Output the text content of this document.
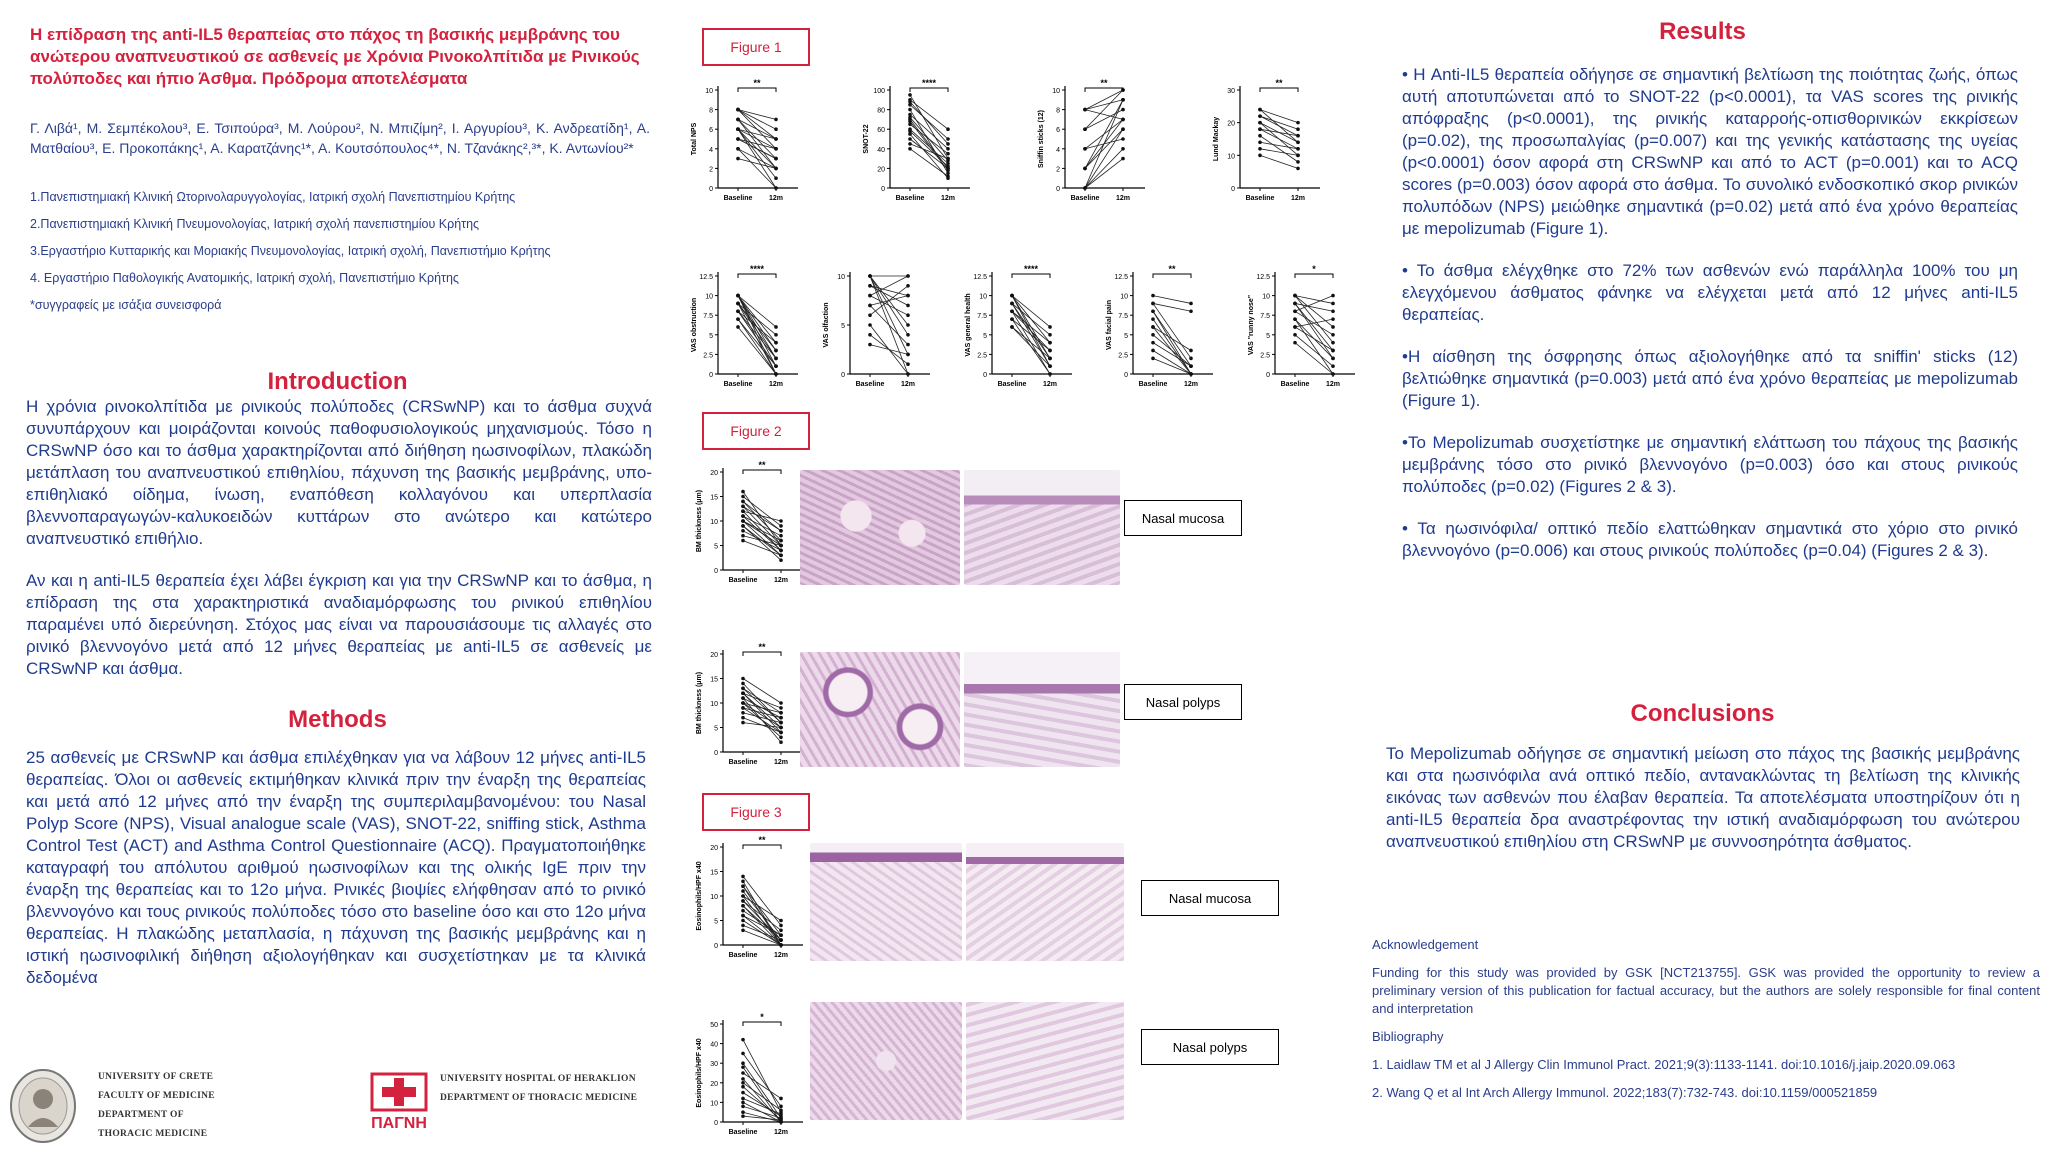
Η επίδραση της anti-IL5 θεραπείας στο πάχος τη βασικής μεμβράνης του ανώτερου αναπνευστικού σε ασθενείς με Χρόνια Ρινοκολπίτιδα με Ρινικούς πολύποδες και ήπιο Άσθμα. Πρόδρομα αποτελέσματα
Γ. Λιβά¹, Μ. Σεμπέκολου³, Ε. Τσιπούρα³, Μ. Λούρου², Ν. Μπιζίμη², Ι. Αργυρίου³, Κ. Ανδρεατίδη¹, Α. Ματθαίου³, Ε. Προκοπάκης¹, Α. Καρατζάνης¹*, Α. Κουτσόπουλος⁴*, Ν. Τζανάκης²,³*, Κ. Αντωνίου²*
1.Πανεπιστημιακή Κλινική Ωτορινολαρυγγολογίας, Ιατρική σχολή Πανεπιστημίου Κρήτης
2.Πανεπιστημιακή Κλινική Πνευμονολογίας, Ιατρική σχολή πανεπιστημίου Κρήτης
3.Εργαστήριο Κυτταρικής και Μοριακής Πνευμονολογίας, Ιατρική σχολή, Πανεπιστήμιο Κρήτης
4. Εργαστήριο Παθολογικής Ανατομικής, Ιατρική σχολή, Πανεπιστήμιο Κρήτης
*συγγραφείς με ισάξια συνεισφορά
Introduction

Η χρόνια ρινοκολπίτιδα με ρινικούς πολύποδες (CRSwNP) και το άσθμα συχνά συνυπάρχουν και μοιράζονται κοινούς παθοφυσιολογικούς μηχανισμούς. Τόσο η CRSwNP όσο και το άσθμα χαρακτηρίζονται από διήθηση ηωσινοφίλων, πλακώδη μετάπλαση του αναπνευστικού επιθηλίου, πάχυνση της βασικής μεμβράνης, υπο-επιθηλιακό οίδημα, ίνωση, εναπόθεση κολλαγόνου και υπερπλασία βλεννοπαραγωγών-καλυκοειδών κυττάρων στο ανώτερο και κατώτερο αναπνευστικό επιθήλιο.

Αν και η anti-IL5 θεραπεία έχει λάβει έγκριση και για την CRSwNP και το άσθμα, η επίδραση της στα χαρακτηριστικά αναδιαμόρφωσης του ρινικού επιθηλίου παραμένει υπό διερεύνηση. Στόχος μας είναι να παρουσιάσουμε τις αλλαγές στο ρινικό βλεννογόνο μετά από 12 μήνες θεραπείας με anti-IL5 σε ασθενείς με CRSwNP και άσθμα.

Methods

25 ασθενείς με CRSwNP και άσθμα επιλέχθηκαν για να λάβουν 12 μήνες anti-IL5 θεραπείας. Όλοι οι ασθενείς εκτιμήθηκαν κλινικά πριν την έναρξη της θεραπείας και μετά από 12 μήνες από την έναρξη της συμπεριλαμβανομένου: του Nasal Polyp Score (NPS), Visual analogue scale (VAS), SNOT-22, sniffing stick, Asthma Control Test (ACT) and Asthma Control Questionnaire (ACQ). Πραγματοποιήθηκε καταγραφή του απόλυτου αριθμού ηωσινοφίλων και της ολικής IgE πριν την έναρξη της θεραπείας και το 12ο μήνα. Ρινικές βιοψίες ελήφθησαν από το ρινικό βλεννογόνο και τους ρινικούς πολύποδες τόσο στο baseline όσο και στο 12ο μήνα θεραπείας. Η πλακώδης μεταπλασία, η πάχυνση της βασικής μεμβράνης και η ιστική ηωσινοφιλική διήθηση αξιολογήθηκαν και συσχετίστηκαν με τα κλινικά δεδομένα

UNIVERSITY OF CRETE
FACULTY OF MEDICINE
DEPARTMENT OF
THORACIC MEDICINE
ΠΑΓΝΗ
UNIVERSITY HOSPITAL OF HERAKLION
DEPARTMENT OF THORACIC MEDICINE
Figure 1
Figure 2
Figure 3
0
2
4
6
8
10
Total NPS
Baseline 12m
**
0
20
40
60
80
100
SNOT-22
Baseline 12m
****
0
2
4
6
8
10
Sniffin sticks (12)
Baseline 12m
**
0
10
20
30
Lund Mackay
Baseline 12m
**
0
2.5
5
7.5
10
12.5
VAS obstruction
Baseline 12m
****
0
5
10
VAS olfaction
Baseline 12m
0
2.5
5
7.5
10
12.5
VAS general health
Baseline 12m
****
0
2.5
5
7.5
10
12.5
VAS facial pain
Baseline 12m
**
0
2.5
5
7.5
10
12.5
VAS "runny nose"
Baseline 12m
*
0
5
10
15
20
BM thickness (μm)
Baseline 12m
**
0
5
10
15
20
BM thickness (μm)
Baseline 12m
**
0
5
10
15
20
Eosinophils/HPF x40
Baseline 12m
**
0
10
20
30
40
50
Eosinophils/HPF x40
Baseline 12m
*
Nasal mucosa
Nasal polyps
Nasal mucosa
Nasal polyps
Results

• Η Anti-IL5 θεραπεία οδήγησε σε σημαντική βελτίωση της ποιότητας ζωής, όπως αυτή αποτυπώνεται από το SNOT-22 (p<0.0001), τα VAS scores της ρινικής απόφραξης (p<0.0001), της ρινικής καταρροής-οπισθορινικών εκκρίσεων (p=0.02), της προσωπαλγίας (p=0.007) και της γενικής κατάστασης της υγείας (p<0.0001) όσον αφορά στη CRSwNP και από το ACT (p=0.001) και το ACQ scores (p=0.003) όσον αφορά στο άσθμα. Το συνολικό ενδοσκοπικό σκορ ρινικών πολυπόδων (NPS) μειώθηκε σημαντικά (p=0.02) μετά από ένα χρόνο θεραπείας με mepolizumab (Figure 1).

• Το άσθμα ελέγχθηκε στο 72% των ασθενών ενώ παράλληλα 100% του μη ελεγχόμενου άσθματος φάνηκε να ελέγχεται μετά από 12 μήνες anti-IL5 θεραπείας.

•Η αίσθηση της όσφρησης όπως αξιολογήθηκε από τα sniffin' sticks (12) βελτιώθηκε σημαντικά (p=0.003) μετά από ένα χρόνο θεραπείας με mepolizumab (Figure 1).

•Το Mepolizumab συσχετίστηκε με σημαντική ελάττωση του πάχους της βασικής μεμβράνης τόσο στο ρινικό βλεννογόνο (p=0.003) όσο και στους ρινικούς πολύποδες (p=0.02) (Figures 2 & 3).

• Τα ηωσινόφιλα/ οπτικό πεδίο ελαττώθηκαν σημαντικά στο χόριο στο ρινικό βλεννογόνο (p=0.006) και στους ρινικούς πολύποδες (p=0.04) (Figures 2 & 3).

Conclusions

Το Mepolizumab οδήγησε σε σημαντική μείωση στο πάχος της βασικής μεμβράνης και στα ηωσινόφιλα ανά οπτικό πεδίο, αντανακλώντας τη βελτίωση της κλινικής εικόνας των ασθενών που έλαβαν θεραπεία. Τα αποτελέσματα υποστηρίζουν ότι η anti-IL5 θεραπεία δρα αναστρέφοντας την ιστική αναδιαμόρφωση του ανώτερου αναπνευστικού επιθηλίου στη CRSwNP με συννοσηρότητα άσθματος.

Acknowledgement

Funding for this study was provided by GSK [NCT213755]. GSK was provided the opportunity to review a preliminary version of this publication for factual accuracy, but the authors are solely responsible for final content and interpretation

Bibliography

1. Laidlaw TM et al J Allergy Clin Immunol Pract. 2021;9(3):1133-1141. doi:10.1016/j.jaip.2020.09.063

2. Wang Q et al Int Arch Allergy Immunol. 2022;183(7):732-743. doi:10.1159/000521859
